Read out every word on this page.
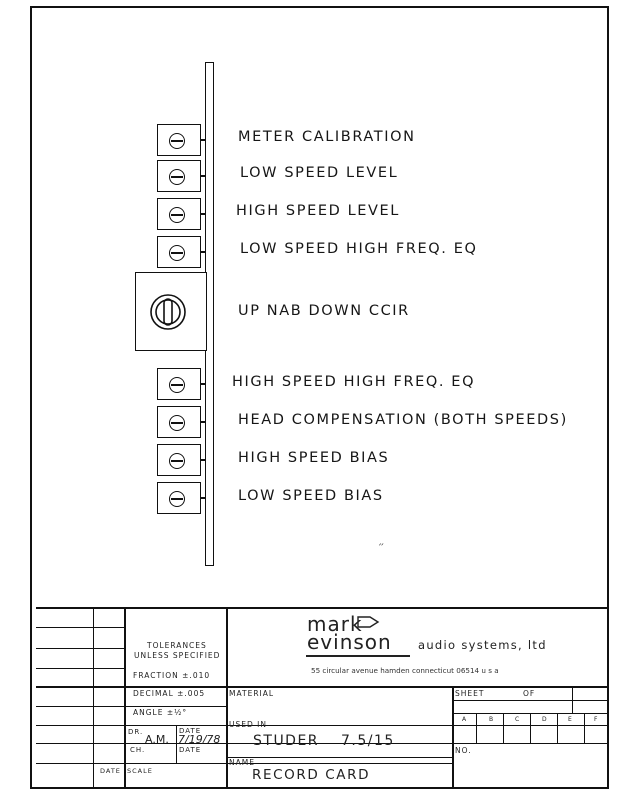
METER CALIBRATION
LOW SPEED LEVEL
HIGH SPEED LEVEL
LOW SPEED HIGH FREQ. EQ
UP NAB DOWN CCIR
HIGH SPEED HIGH FREQ. EQ
HEAD COMPENSATION (BOTH SPEEDS)
HIGH SPEED BIAS
LOW SPEED BIAS
״
TOLERANCES
UNLESS SPECIFIED
FRACTION ±.010
DECIMAL ±.005
ANGLE ±½°
DR.
A.M.
DATE
7/19/78
CH.	DATE
DATE SCALE
MATERIAL
USED IN
STUDER 7.5/15
NAME
RECORD CARD
SHEET	OF
A	B	C	D	E	F
NO.
mark
evinson audio systems, ltd
55 circular avenue hamden connecticut 06514 u s a
